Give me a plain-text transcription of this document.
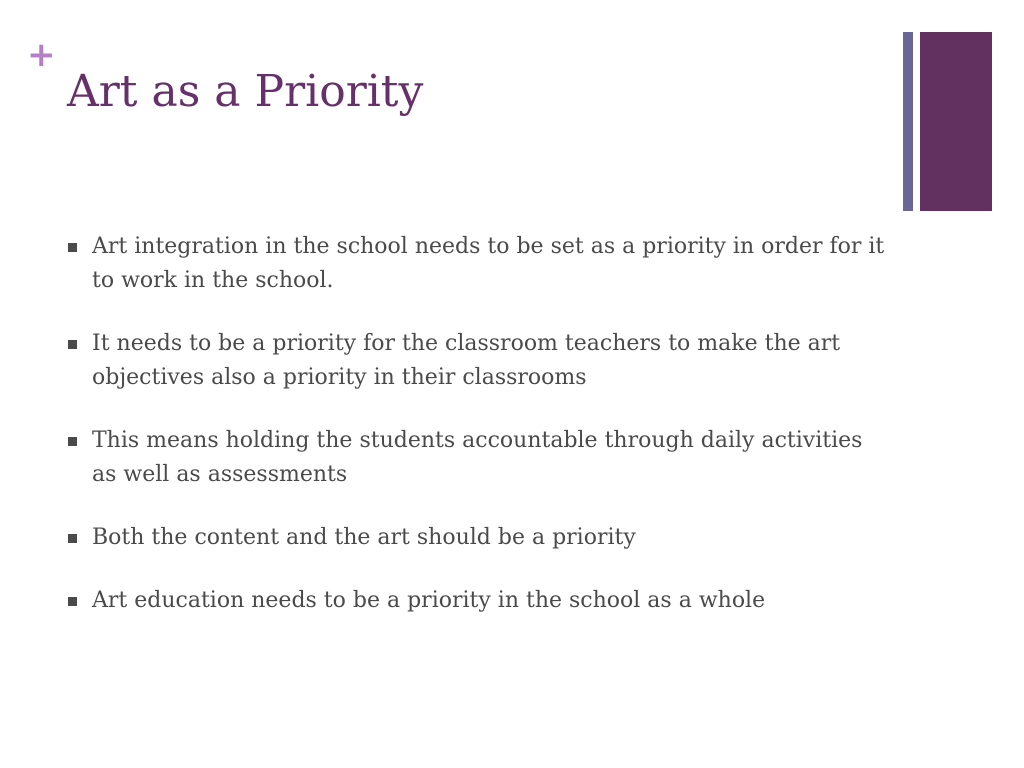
+
Art as a Priority
Art integration in the school needs to be set as a priority in order for it to work in the school.
It needs to be a priority for the classroom teachers to make the art objectives also a priority in their classrooms
This means holding the students accountable through daily activities as well as assessments
Both the content and the art should be a priority
Art education needs to be a priority in the school as a whole
